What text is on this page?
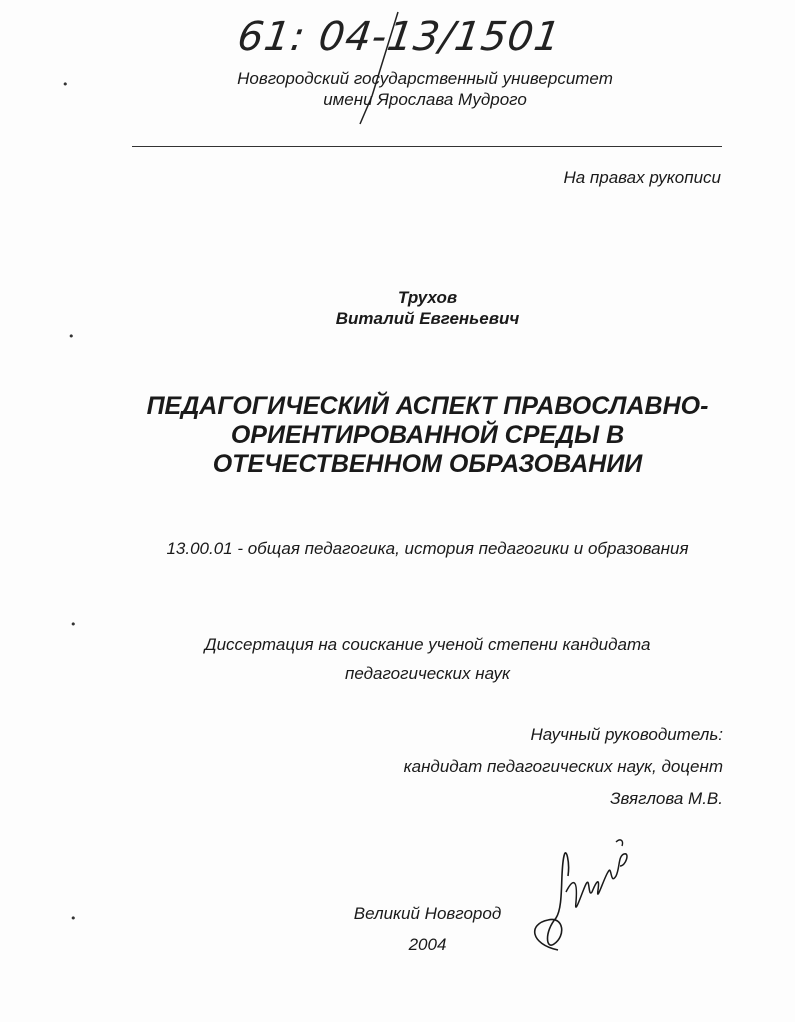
61: 04-13/1501
•
•
•
•
Новгородский государственный университет
имени Ярослава Мудрого
На правах рукописи
Трухов
Виталий Евгеньевич
ПЕДАГОГИЧЕСКИЙ АСПЕКТ ПРАВОСЛАВНО-
ОРИЕНТИРОВАННОЙ СРЕДЫ В
ОТЕЧЕСТВЕННОМ ОБРАЗОВАНИИ
13.00.01 - общая педагогика, история педагогики и образования
Диссертация на соискание ученой степени кандидата
педагогических наук
Научный руководитель:
кандидат педагогических наук, доцент
Звяглова М.В.
Великий Новгород
2004
